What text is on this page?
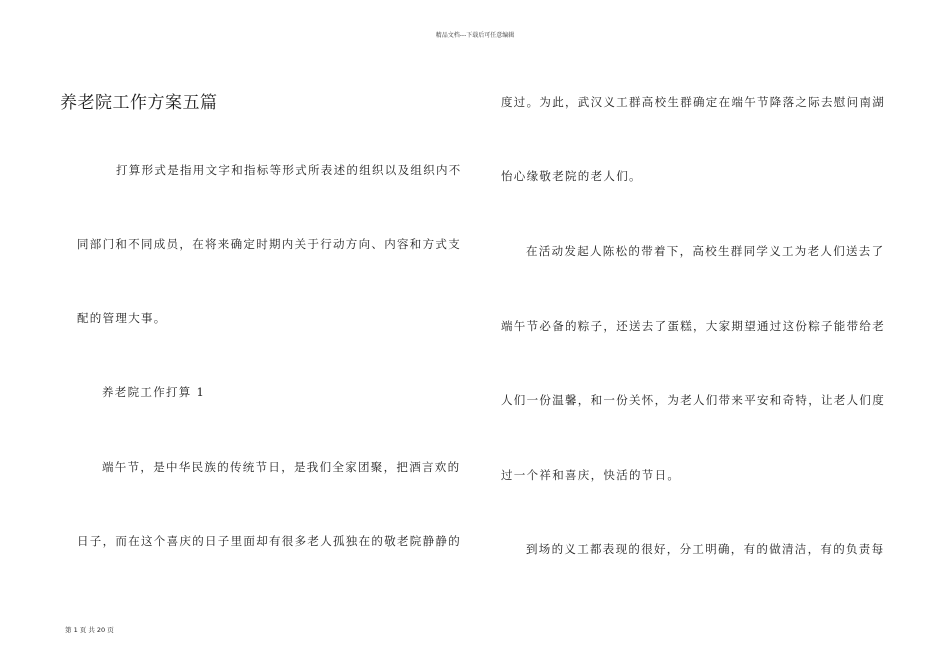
精品文档---下载后可任意编辑
养老院工作方案五篇
打算形式是指用文字和指标等形式所表述的组织以及组织内不
同部门和不同成员，在将来确定时期内关于行动方向、内容和方式支
配的管理大事。
养老院工作打算 1
端午节，是中华民族的传统节日，是我们全家团聚，把酒言欢的
日子，而在这个喜庆的日子里面却有很多老人孤独在的敬老院静静的
度过。为此，武汉义工群高校生群确定在端午节降落之际去慰问南湖
怡心缘敬老院的老人们。
在活动发起人陈松的带着下，高校生群同学义工为老人们送去了
端午节必备的粽子，还送去了蛋糕，大家期望通过这份粽子能带给老
人们一份温馨，和一份关怀，为老人们带来平安和奇特，让老人们度
过一个祥和喜庆，快活的节日。
到场的义工都表现的很好，分工明确，有的做清洁，有的负责每
第 1 页 共 20 页
